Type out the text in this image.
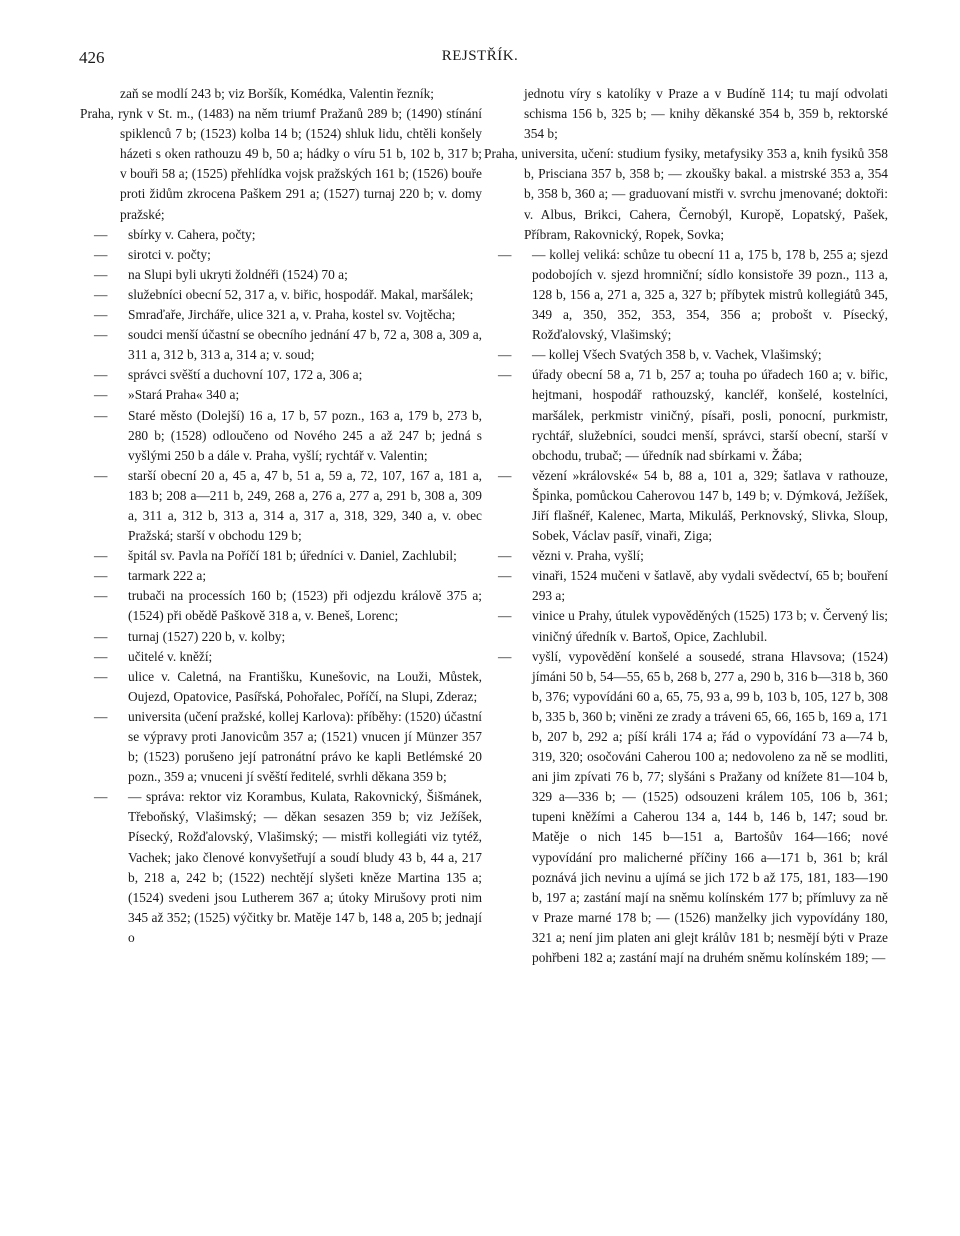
426	REJSTŘÍK.
zaň se modlí 243 b; viz Boršík, Komédka, Valentin řezník;
Praha, rynk v St. m., (1483) na něm triumf Pražanů 289 b; (1490) stínání spiklenců 7 b; (1523) kolba 14 b; (1524) shluk lidu, chtěli konšely házeti s oken rathouzu 49 b, 50 a; hádky o víru 51 b, 102 b, 317 b; v bouři 58 a; (1525) přehlídka vojsk pražských 161 b; (1526) bouře proti židům zkrocena Paškem 291 a; (1527) turnaj 220 b; v. domy pražské;
— sbírky v. Cahera, počty;
— sirotci v. počty;
— na Slupi byli ukryti žoldnéři (1524) 70 a;
— služebníci obecní 52, 317 a, v. biřic, hospodář. Makal, maršálek;
— Smraďaře, Jircháře, ulice 321 a, v. Praha, kostel sv. Vojtěcha;
— soudci menší účastní se obecního jednání 47 b, 72 a, 308 a, 309 a, 311 a, 312 b, 313 a, 314 a; v. soud;
— správci svěští a duchovní 107, 172 a, 306 a;
— »Stará Praha« 340 a;
— Staré město (Dolejší) 16 a, 17 b, 57 pozn., 163 a, 179 b, 273 b, 280 b; (1528) odloučeno od Nového 245 a až 247 b; jedná s vyšlými 250 b a dále v. Praha, vyšlí; rychtář v. Valentin;
— starší obecní 20 a, 45 a, 47 b, 51 a, 59 a, 72, 107, 167 a, 181 a, 183 b; 208 a—211 b, 249, 268 a, 276 a, 277 a, 291 b, 308 a, 309 a, 311 a, 312 b, 313 a, 314 a, 317 a, 318, 329, 340 a, v. obec Pražská; starší v obchodu 129 b;
— špitál sv. Pavla na Poříčí 181 b; úředníci v. Daniel, Zachlubil;
— tarmark 222 a;
— trubači na processích 160 b; (1523) při odjezdu králově 375 a; (1524) při obědě Paškově 318 a, v. Beneš, Lorenc;
— turnaj (1527) 220 b, v. kolby;
— učitelé v. kněží;
— ulice v. Caletná, na Františku, Kunešovic, na Louži, Můstek, Oujezd, Opatovice, Pasířská, Pohořalec, Poříčí, na Slupi, Zderaz;
— universita (učení pražské, kollej Karlova): příběhy: (1520) účastní se výpravy proti Janovicům 357 a; (1521) vnucen jí Münzer 357 b; (1523) porušeno její patronátní právo ke kapli Betlémské 20 pozn., 359 a; vnuceni jí svěští ředitelé, svrhli děkana 359 b;
— — správa: rektor viz Korambus, Kulata, Rakovnický, Šišmánek, Třeboňský, Vlašimský; — děkan sesazen 359 b; viz Ježíšek, Písecký, Rožďalovský, Vlašimský; — mistři kollegiáti viz tytéž, Vachek; jako členové konvyšetřují a soudí bludy 43 b, 44 a, 217 b, 218 a, 242 b; (1522) nechtějí slyšeti kněze Martina 135 a; (1524) svedeni jsou Lutherem 367 a; útoky Mirušovy proti nim 345 až 352; (1525) výčitky br. Matěje 147 b, 148 a, 205 b; jednají o
jednotu víry s katolíky v Praze a v Budíně 114; tu mají odvolati schisma 156 b, 325 b; — knihy děkanské 354 b, 359 b, rektorské 354 b;
Praha, universita, učení: studium fysiky, metafysiky 353 a, knih fysiků 358 b, Prisciana 357 b, 358 b; — zkoušky bakal. a mistrské 353 a, 354 b, 358 b, 360 a; — graduovaní mistři v. svrchu jmenované; doktoři: v. Albus, Brikci, Cahera, Černobýl, Kuropě, Lopatský, Pašek, Příbram, Rakovnický, Ropek, Sovka;
— — kollej veliká: schůze tu obecní 11 a, 175 b, 178 b, 255 a; sjezd podobojích v. sjezd hromniční; sídlo konsistoře 39 pozn., 113 a, 128 b, 156 a, 271 a, 325 a, 327 b; příbytek mistrů kollegiátů 345, 349 a, 350, 352, 353, 354, 356 a; probošt v. Písecký, Rožďalovský, Vlašimský;
— — kollej Všech Svatých 358 b, v. Vachek, Vlašimský;
— úřady obecní 58 a, 71 b, 257 a; touha po úřadech 160 a; v. biřic, hejtmani, hospodář rathouzský, kancléř, konšelé, kostelníci, maršálek, perkmistr viničný, písaři, posli, ponocní, purkmistr, rychtář, služebníci, soudci menší, správci, starší obecní, starší v obchodu, trubač; — úředník nad sbírkami v. Žába;
— vězení »královské« 54 b, 88 a, 101 a, 329; šatlava v rathouze, Špinka, pomůckou Caherovou 147 b, 149 b; v. Dýmková, Ježíšek, Jiří flašnéř, Kalenec, Marta, Mikuláš, Perknovský, Slivka, Sloup, Sobek, Václav pasíř, vinaři, Ziga;
— vězni v. Praha, vyšlí;
— vinaři, 1524 mučeni v šatlavě, aby vydali svědectví, 65 b; bouření 293 a;
— vinice u Prahy, útulek vypověděných (1525) 173 b; v. Červený lis; viničný úředník v. Bartoš, Opice, Zachlubil.
— vyšlí, vypovědění konšelé a sousedé, strana Hlavsova; (1524) jímáni 50 b, 54—55, 65 b, 268 b, 277 a, 290 b, 316 b—318 b, 360 b, 376; vypovídáni 60 a, 65, 75, 93 a, 99 b, 103 b, 105, 127 b, 308 b, 335 b, 360 b; viněni ze zrady a tráveni 65, 66, 165 b, 169 a, 171 b, 207 b, 292 a; píší králi 174 a; řád o vypovídání 73 a—74 b, 319, 320; osočováni Caherou 100 a; nedovoleno za ně se modliti, ani jim zpívati 76 b, 77; slyšáni s Pražany od knížete 81—104 b, 329 a—336 b; — (1525) odsouzeni králem 105, 106 b, 361; tupeni kněžími a Caherou 134 a, 144 b, 146 b, 147; soud br. Matěje o nich 145 b—151 a, Bartošův 164—166; nové vypovídání pro malicherné příčiny 166 a—171 b, 361 b; král poznává jich nevinu a ujímá se jich 172 b až 175, 181, 183—190 b, 197 a; zastání mají na sněmu kolínském 177 b; přímluvy za ně v Praze marné 178 b; — (1526) manželky jich vypovídány 180, 321 a; není jim platen ani glejt králův 181 b; nesmějí býti v Praze pohřbeni 182 a; zastání mají na druhém sněmu kolínském 189; —
